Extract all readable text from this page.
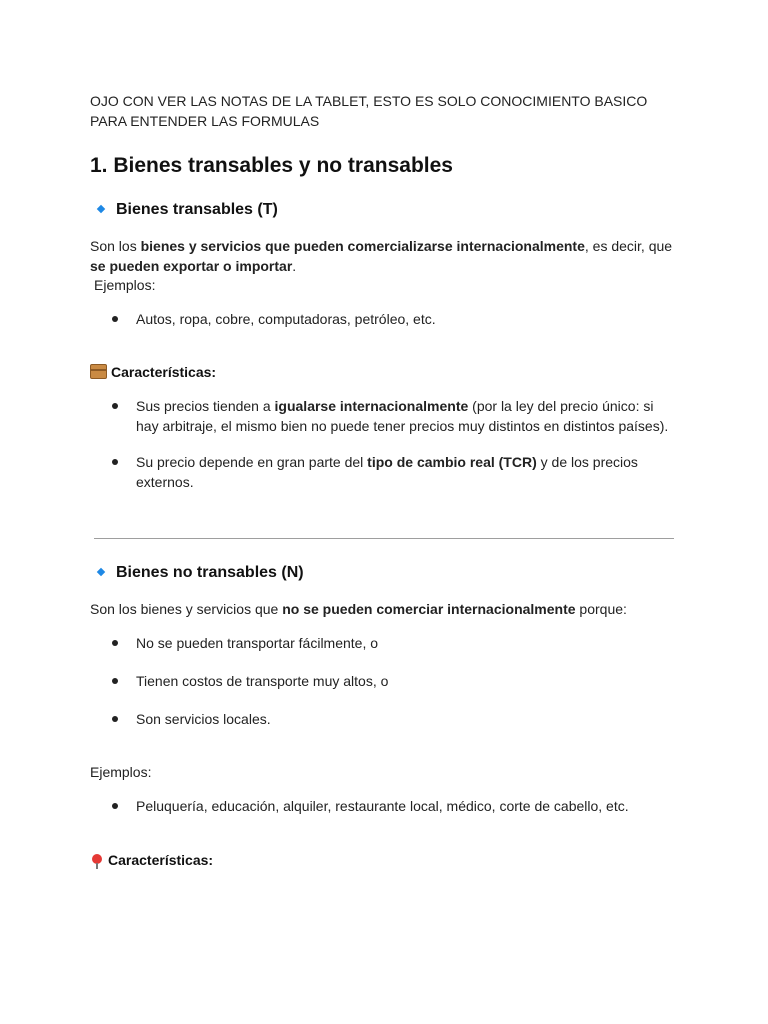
OJO CON VER LAS NOTAS DE LA TABLET, ESTO ES SOLO CONOCIMIENTO BASICO PARA ENTENDER LAS FORMULAS
1. Bienes transables y no transables
Bienes transables (T)
Son los bienes y servicios que pueden comercializarse internacionalmente, es decir, que se pueden exportar o importar.
Ejemplos:
Autos, ropa, cobre, computadoras, petróleo, etc.
Características:
Sus precios tienden a igualarse internacionalmente (por la ley del precio único: si hay arbitraje, el mismo bien no puede tener precios muy distintos en distintos países).
Su precio depende en gran parte del tipo de cambio real (TCR) y de los precios externos.
Bienes no transables (N)
Son los bienes y servicios que no se pueden comerciar internacionalmente porque:
No se pueden transportar fácilmente, o
Tienen costos de transporte muy altos, o
Son servicios locales.
Ejemplos:
Peluquería, educación, alquiler, restaurante local, médico, corte de cabello, etc.
Características:
